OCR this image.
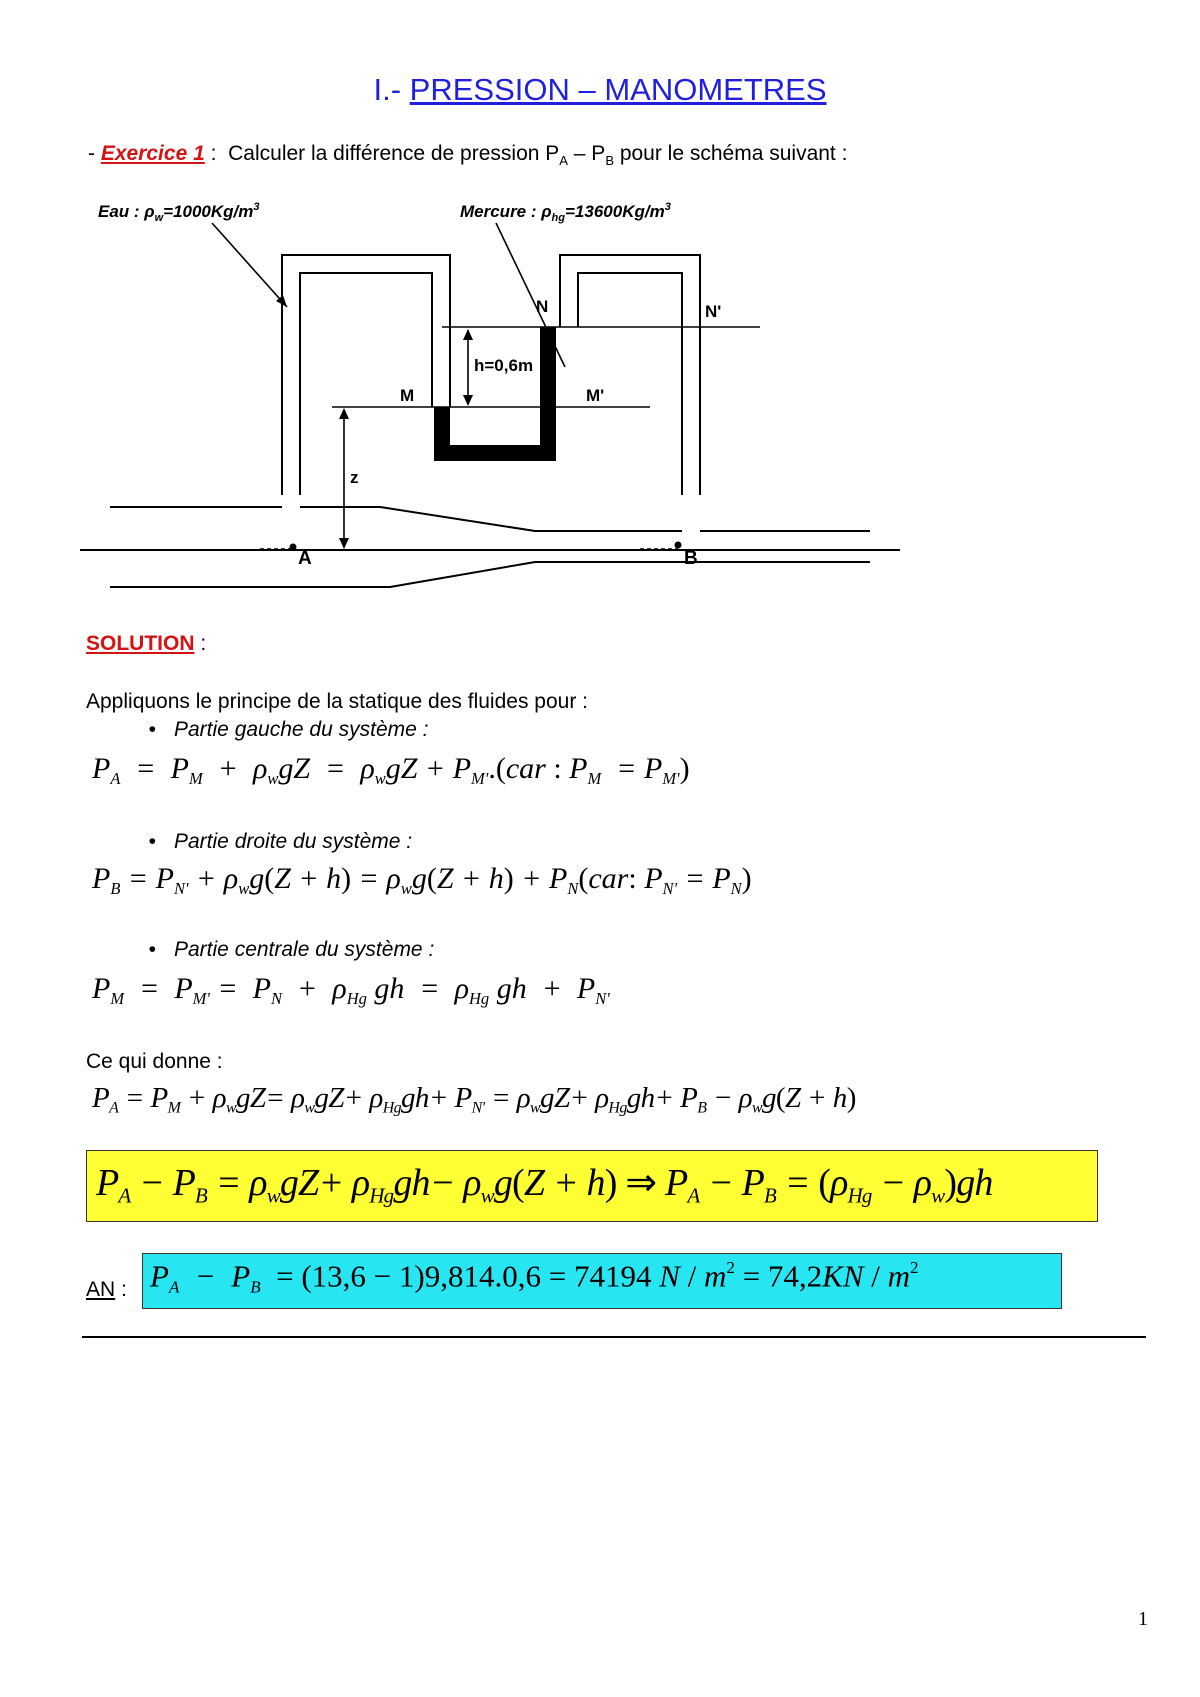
I.- PRESSION – MANOMETRES
- Exercice 1 : Calculer la différence de pression $P_A - P_B$ pour le schéma suivant :
Eau : $\rho_w=1000Kg/m^3$	Mercure : $\rho_{hg}=13600Kg/m^3$
N	N'
M	M'
h=0,6m
z
A	B
SOLUTION :
Appliquons le principe de la statique des fluides pour :
• Partie gauche du système :
$P_A = P_M + \rho_wgZ = \rho_wgZ + P_{M'}.(car$ : $P_M = P_{M'}$)
• Partie droite du système :
$P_B = P_{N'} + \rho_wg(Z + h) = \rho_wg(Z + h) + P_N(car$: $P_{N'} = P_N$)
• Partie centrale du système :
$P_M = P_{M'} = P_N + \rho_{Hg}$ gh  =  $\rho_{Hg}$ gh  +  $P_{N'}$
Ce qui donne :
$P_A = P_M + \rho_wgZ= \rho_wgZ+ \rho_{Hg}gh+ P_{N'} = \rho_wgZ+ \rho_{Hg}gh+ P_B - \rho_wg(Z + h)$
$P_A - P_B = \rho_wgZ+ \rho_{Hg}gh- \rho_wg(Z + h)$ ⇒ $P_A - P_B = (\rho_{Hg} - \rho_w)gh$
AN : $P_A - P_B = (13,6 - 1)9,814.0,6 = 74194$ $N / m^2 = 74,2KN / m^2$
1
